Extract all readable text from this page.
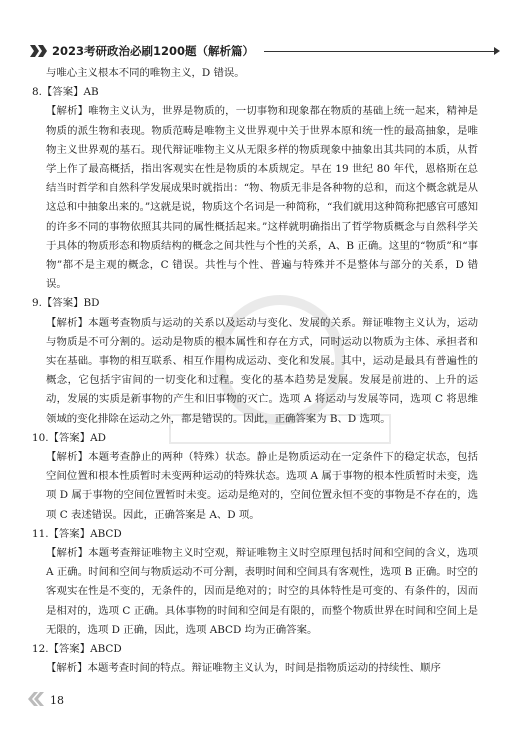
2023考研政治必刷1200题（解析篇）

与唯心主义根本不同的唯物主义，D 错误。

8.【答案】AB

【解析】唯物主义认为，世界是物质的，一切事物和现象都在物质的基础上统一起来，精神是物质的派生物和表现。物质范畴是唯物主义世界观中关于世界本原和统一性的最高抽象，是唯物主义世界观的基石。现代辩证唯物主义从无限多样的物质现象中抽象出其共同的本质，从哲学上作了最高概括，指出客观实在性是物质的本质规定。早在 19 世纪 80 年代，恩格斯在总结当时哲学和自然科学发展成果时就指出：“物、物质无非是各种物的总和，而这个概念就是从这总和中抽象出来的。”这就是说，物质这个名词是一种简称，“我们就用这种简称把感官可感知的许多不同的事物依照其共同的属性概括起来。”这样就明确指出了哲学物质概念与自然科学关于具体的物质形态和物质结构的概念之间共性与个性的关系，A、B 正确。这里的“物质”和“事物”都不是主观的概念，C 错误。共性与个性、普遍与特殊并不是整体与部分的关系，D 错误。

9.【答案】BD

【解析】本题考查物质与运动的关系以及运动与变化、发展的关系。辩证唯物主义认为，运动与物质是不可分割的。运动是物质的根本属性和存在方式，同时运动以物质为主体、承担者和实在基础。事物的相互联系、相互作用构成运动、变化和发展。其中，运动是最具有普遍性的概念，它包括宇宙间的一切变化和过程。变化的基本趋势是发展。发展是前进的、上升的运动，发展的实质是新事物的产生和旧事物的灭亡。选项 A 将运动与发展等同，选项 C 将思维领域的变化排除在运动之外，都是错误的。因此，正确答案为 B、D 选项。

10.【答案】AD

【解析】本题考查静止的两种（特殊）状态。静止是物质运动在一定条件下的稳定状态，包括空间位置和根本性质暂时未变两种运动的特殊状态。选项 A 属于事物的根本性质暂时未变，选项 D 属于事物的空间位置暂时未变。运动是绝对的，空间位置永恒不变的事物是不存在的，选项 C 表述错误。因此，正确答案是 A、D 项。

11.【答案】ABCD

【解析】本题考查辩证唯物主义时空观，辩证唯物主义时空原理包括时间和空间的含义，选项 A 正确。时间和空间与物质运动不可分割，表明时间和空间具有客观性，选项 B 正确。时空的客观实在性是不变的，无条件的，因而是绝对的；时空的具体特性是可变的、有条件的，因而是相对的，选项 C 正确。具体事物的时间和空间是有限的，而整个物质世界在时间和空间上是无限的，选项 D 正确，因此，选项 ABCD 均为正确答案。

12.【答案】ABCD

【解析】本题考查时间的特点。辩证唯物主义认为，时间是指物质运动的持续性、顺序

18
